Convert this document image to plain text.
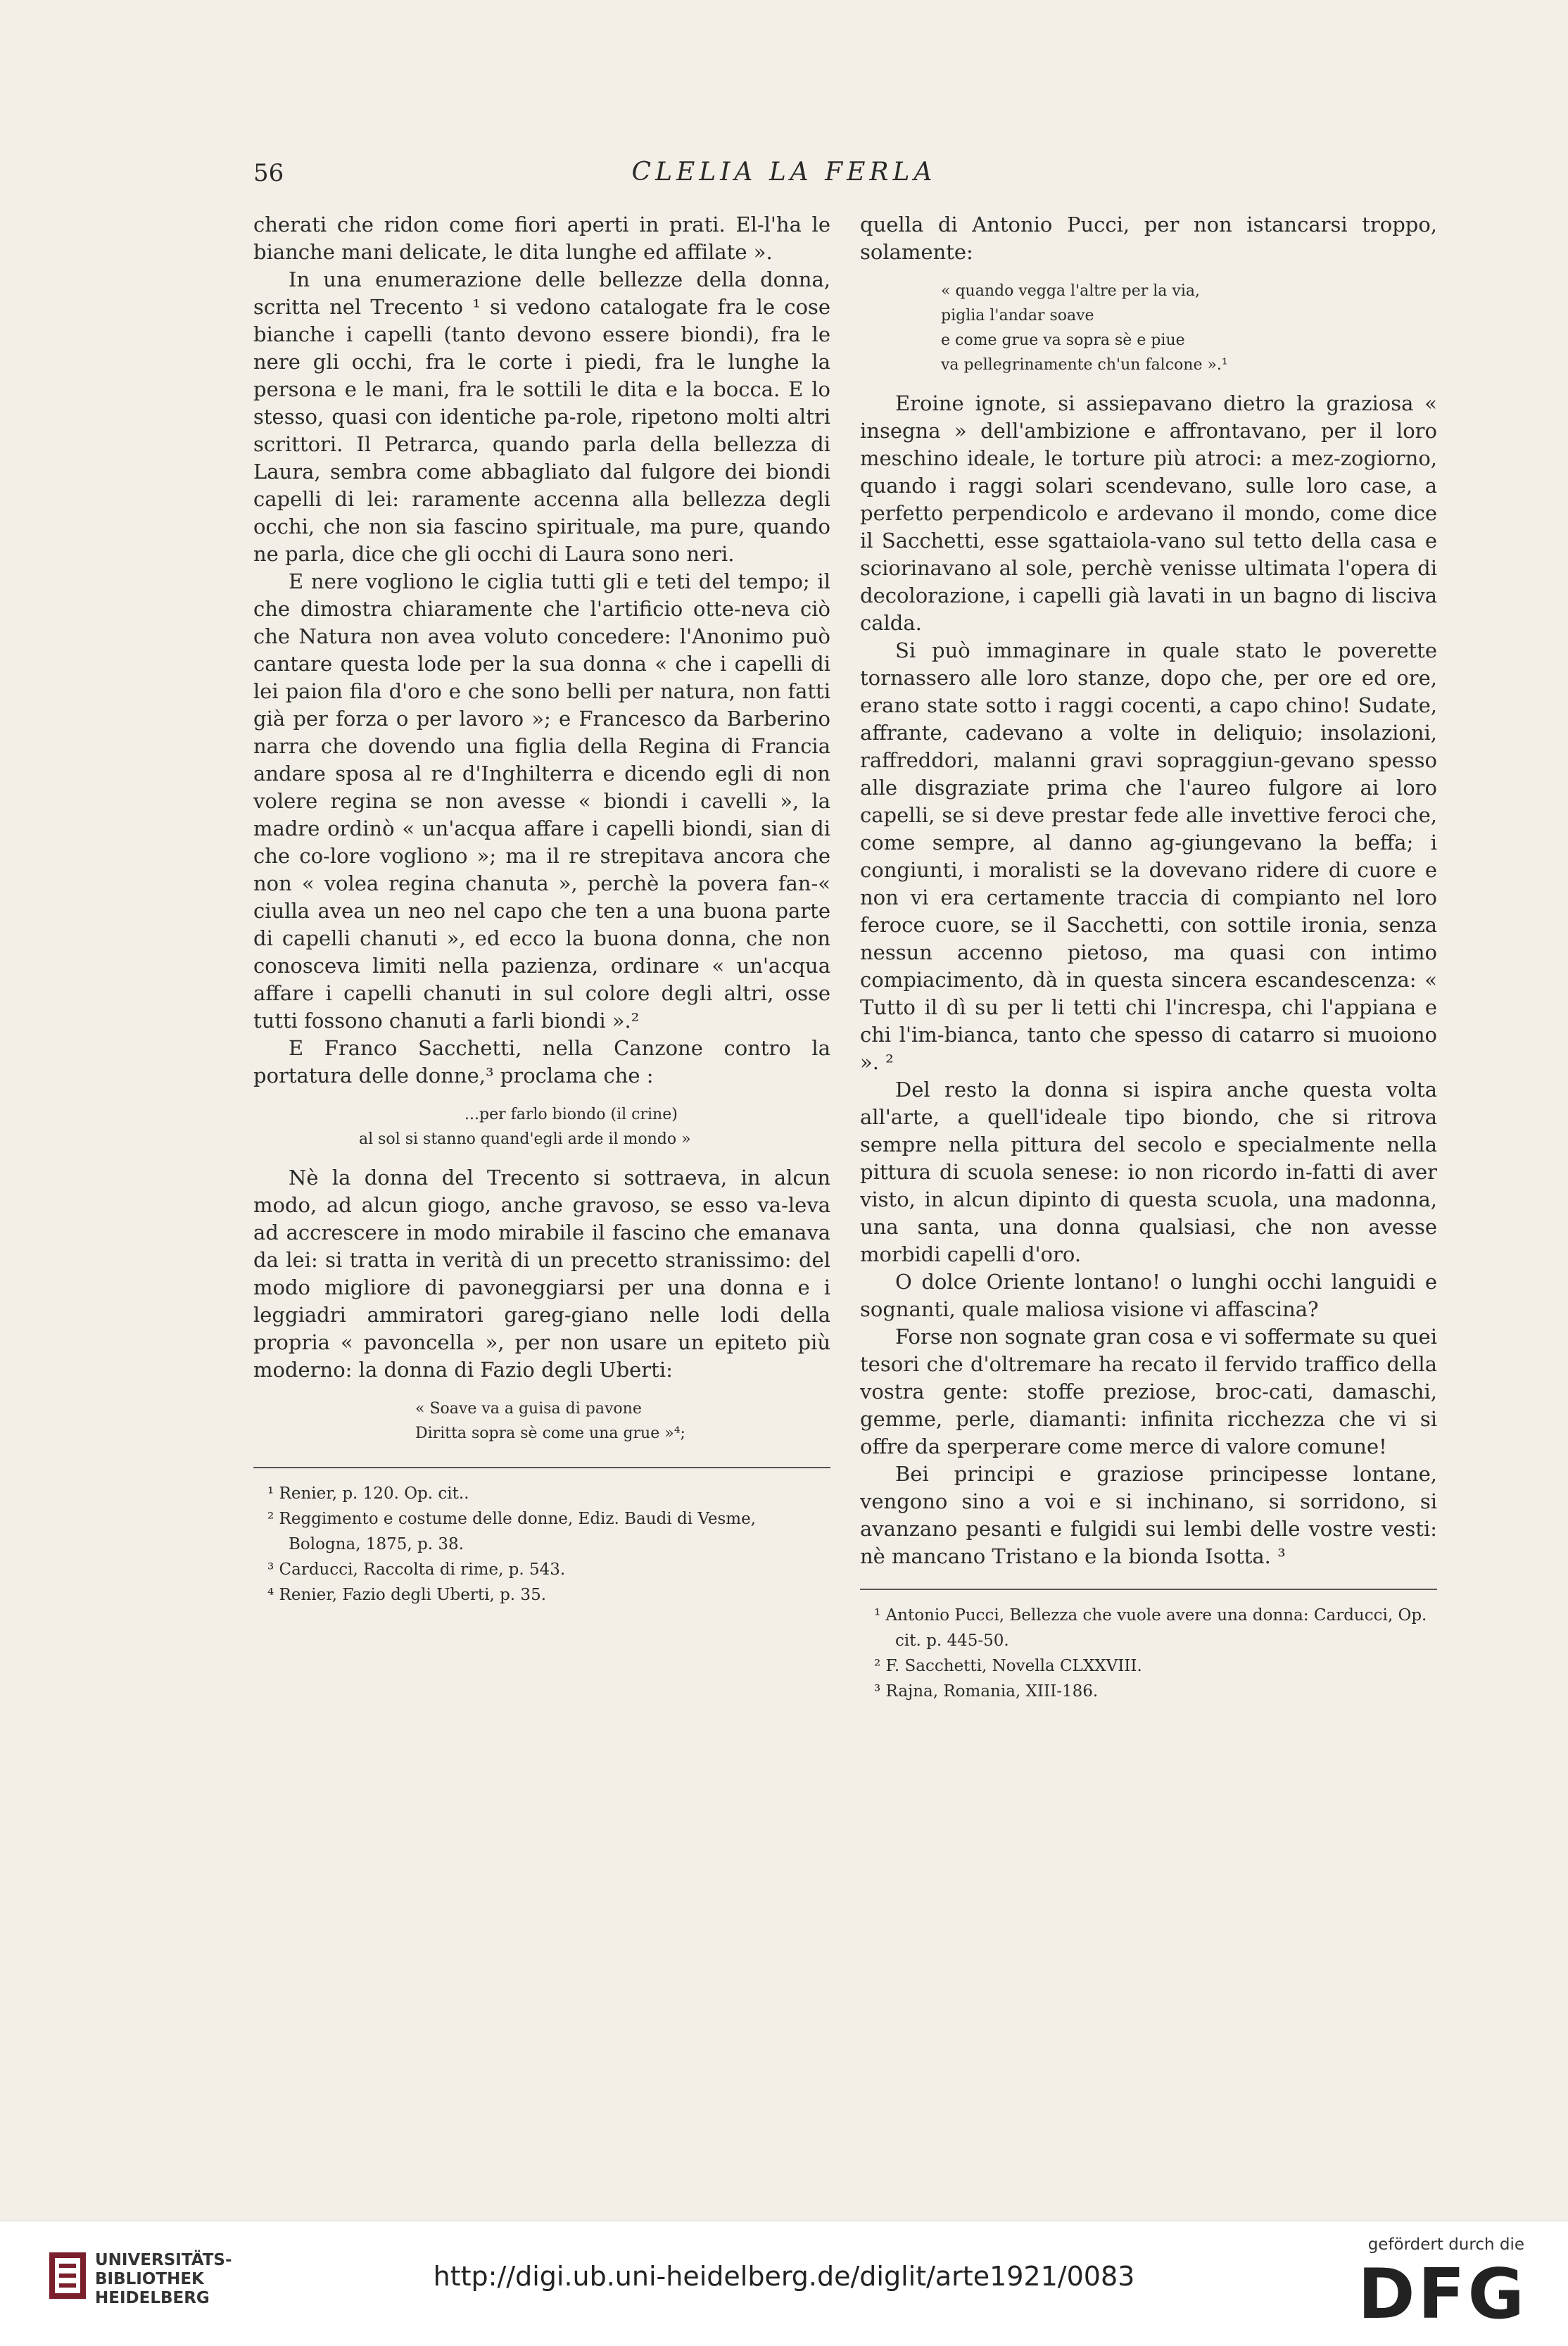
56	CLELIA LA FERLA

cherati che ridon come fiori aperti in prati. El-l'ha le bianche mani delicate, le dita lunghe ed affilate ».

In una enumerazione delle bellezze della donna, scritta nel Trecento ¹ si vedono catalogate fra le cose bianche i capelli (tanto devono essere biondi), fra le nere gli occhi, fra le corte i piedi, fra le lunghe la persona e le mani, fra le sottili le dita e la bocca. E lo stesso, quasi con identiche pa-role, ripetono molti altri scrittori. Il Petrarca, quando parla della bellezza di Laura, sembra come abbagliato dal fulgore dei biondi capelli di lei: raramente accenna alla bellezza degli occhi, che non sia fascino spirituale, ma pure, quando ne parla, dice che gli occhi di Laura sono neri.

E nere vogliono le ciglia tutti gli e teti del tempo; il che dimostra chiaramente che l'artificio otte-neva ciò che Natura non avea voluto concedere: l'Anonimo può cantare questa lode per la sua donna « che i capelli di lei paion fila d'oro e che sono belli per natura, non fatti già per forza o per lavoro »; e Francesco da Barberino narra che dovendo una figlia della Regina di Francia andare sposa al re d'Inghilterra e dicendo egli di non volere regina se non avesse « biondi i cavelli », la madre ordinò « un'acqua affare i capelli biondi, sian di che co-lore vogliono »; ma il re strepitava ancora che non « volea regina chanuta », perchè la povera fan-« ciulla avea un neo nel capo che ten a una buona parte di capelli chanuti », ed ecco la buona donna, che non conosceva limiti nella pazienza, ordinare « un'acqua affare i capelli chanuti in sul colore degli altri, osse tutti fossono chanuti a farli biondi ».²

E Franco Sacchetti, nella Canzone contro la portatura delle donne,³ proclama che :

...per farlo biondo (il crine)
al sol si stanno quand'egli arde il mondo »

Nè la donna del Trecento si sottraeva, in alcun modo, ad alcun giogo, anche gravoso, se esso va-leva ad accrescere in modo mirabile il fascino che emanava da lei: si tratta in verità di un precetto stranissimo: del modo migliore di pavoneggiarsi per una donna e i leggiadri ammiratori gareg-giano nelle lodi della propria « pavoncella », per non usare un epiteto più moderno: la donna di Fazio degli Uberti:

« Soave va a guisa di pavone
Diritta sopra sè come una grue »⁴;
¹ Renier, p. 120. Op. cit..
² Reggimento e costume delle donne, Ediz. Baudi di Vesme, Bologna, 1875, p. 38.
³ Carducci, Raccolta di rime, p. 543.
⁴ Renier, Fazio degli Uberti, p. 35.

quella di Antonio Pucci, per non istancarsi troppo, solamente:

« quando vegga l'altre per la via,
piglia l'andar soave
e come grue va sopra sè e piue
va pellegrinamente ch'un falcone ».¹

Eroine ignote, si assiepavano dietro la graziosa « insegna » dell'ambizione e affrontavano, per il loro meschino ideale, le torture più atroci: a mez-zogiorno, quando i raggi solari scendevano, sulle loro case, a perfetto perpendicolo e ardevano il mondo, come dice il Sacchetti, esse sgattaiola-vano sul tetto della casa e sciorinavano al sole, perchè venisse ultimata l'opera di decolorazione, i capelli già lavati in un bagno di lisciva calda.

Si può immaginare in quale stato le poverette tornassero alle loro stanze, dopo che, per ore ed ore, erano state sotto i raggi cocenti, a capo chino! Sudate, affrante, cadevano a volte in deliquio; insolazioni, raffreddori, malanni gravi sopraggiun-gevano spesso alle disgraziate prima che l'aureo fulgore ai loro capelli, se si deve prestar fede alle invettive feroci che, come sempre, al danno ag-giungevano la beffa; i congiunti, i moralisti se la dovevano ridere di cuore e non vi era certamente traccia di compianto nel loro feroce cuore, se il Sacchetti, con sottile ironia, senza nessun accenno pietoso, ma quasi con intimo compiacimento, dà in questa sincera escandescenza: « Tutto il dì su per li tetti chi l'increspa, chi l'appiana e chi l'im-bianca, tanto che spesso di catarro si muoiono ». ²

Del resto la donna si ispira anche questa volta all'arte, a quell'ideale tipo biondo, che si ritrova sempre nella pittura del secolo e specialmente nella pittura di scuola senese: io non ricordo in-fatti di aver visto, in alcun dipinto di questa scuola, una madonna, una santa, una donna qualsiasi, che non avesse morbidi capelli d'oro.

O dolce Oriente lontano! o lunghi occhi languidi e sognanti, quale maliosa visione vi affascina?

Forse non sognate gran cosa e vi soffermate su quei tesori che d'oltremare ha recato il fervido traffico della vostra gente: stoffe preziose, broc-cati, damaschi, gemme, perle, diamanti: infinita ricchezza che vi si offre da sperperare come merce di valore comune!

Bei principi e graziose principesse lontane, vengono sino a voi e si inchinano, si sorridono, si avanzano pesanti e fulgidi sui lembi delle vostre vesti: nè mancano Tristano e la bionda Isotta. ³

¹ Antonio Pucci, Bellezza che vuole avere una donna: Carducci, Op. cit. p. 445-50.
² F. Sacchetti, Novella CLXXVIII.
³ Rajna, Romania, XIII-186.
UNIVERSITÄTS-
BIBLIOTHEK
HEIDELBERG
http://digi.ub.uni-heidelberg.de/diglit/arte1921/0083
gefördert durch die
DFG
